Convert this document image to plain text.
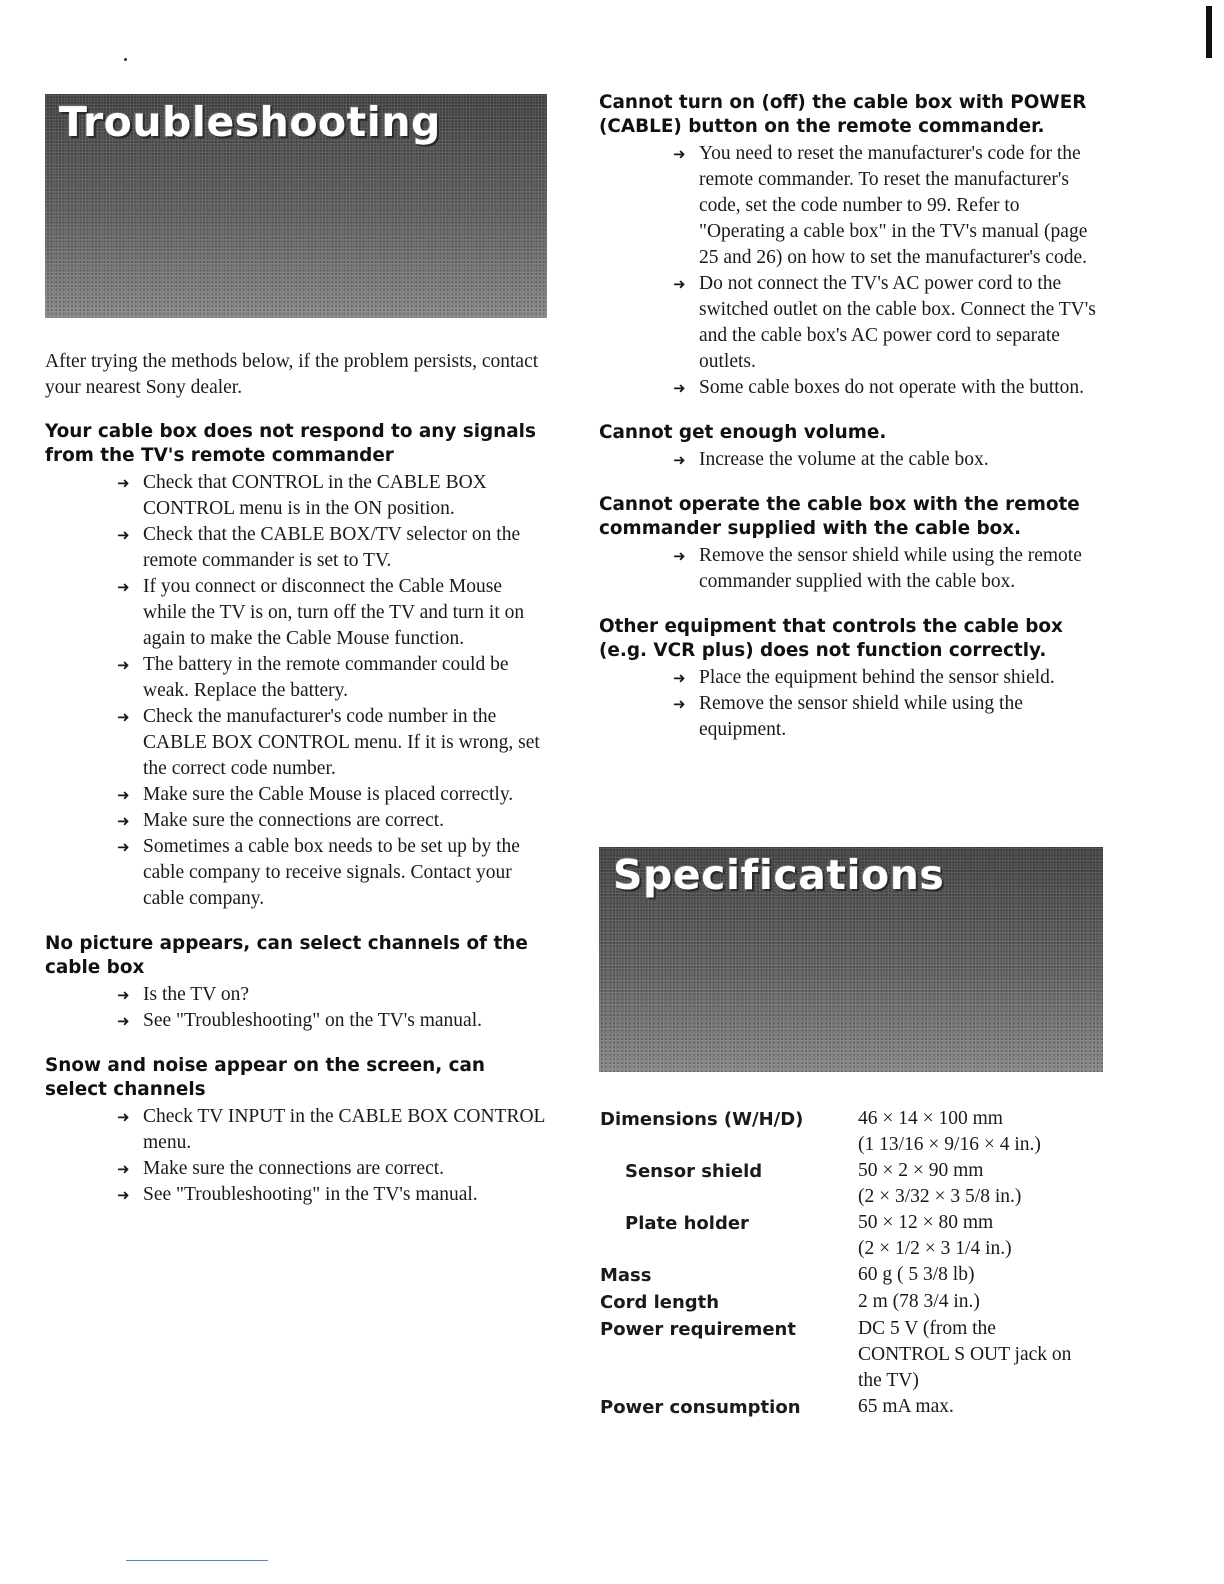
Troubleshooting
After trying the methods below, if the problem persists, contact your nearest Sony dealer.
Your cable box does not respond to any signals from the TV's remote commander
➜ Check that CONTROL in the CABLE BOX CONTROL menu is in the ON position.
➜ Check that the CABLE BOX/TV selector on the remote commander is set to TV.
➜ If you connect or disconnect the Cable Mouse while the TV is on, turn off the TV and turn it on again to make the Cable Mouse function.
➜ The battery in the remote commander could be weak. Replace the battery.
➜ Check the manufacturer's code number in the CABLE BOX CONTROL menu. If it is wrong, set the correct code number.
➜ Make sure the Cable Mouse is placed correctly.
➜ Make sure the connections are correct.
➜ Sometimes a cable box needs to be set up by the cable company to receive signals. Contact your cable company.
No picture appears, can select channels of the cable box
➜ Is the TV on?
➜ See "Troubleshooting" on the TV's manual.
Snow and noise appear on the screen, can select channels
➜ Check TV INPUT in the CABLE BOX CONTROL menu.
➜ Make sure the connections are correct.
➜ See "Troubleshooting" in the TV's manual.
Cannot turn on (off) the cable box with POWER (CABLE) button on the remote commander.
➜ You need to reset the manufacturer's code for the remote commander. To reset the manufacturer's code, set the code number to 99. Refer to "Operating a cable box" in the TV's manual (page 25 and 26) on how to set the manufacturer's code.
➜ Do not connect the TV's AC power cord to the switched outlet on the cable box. Connect the TV's and the cable box's AC power cord to separate outlets.
➜ Some cable boxes do not operate with the button.
Cannot get enough volume.
➜ Increase the volume at the cable box.
Cannot operate the cable box with the remote commander supplied with the cable box.
➜ Remove the sensor shield while using the remote commander supplied with the cable box.
Other equipment that controls the cable box (e.g. VCR plus) does not function correctly.
➜ Place the equipment behind the sensor shield.
➜ Remove the sensor shield while using the equipment.
Specifications
Dimensions (W/H/D)	46 × 14 × 100 mm
(1 13/16 × 9/16 × 4 in.)
Sensor shield	50 × 2 × 90 mm
(2 × 3/32 × 3 5/8 in.)
Plate holder	50 × 12 × 80 mm
(2 × 1/2 × 3 1/4 in.)
Mass	60 g ( 5 3/8 lb)
Cord length	2 m (78 3/4 in.)
Power requirement	DC 5 V (from the CONTROL S OUT jack on the TV)
Power consumption	65 mA max.
